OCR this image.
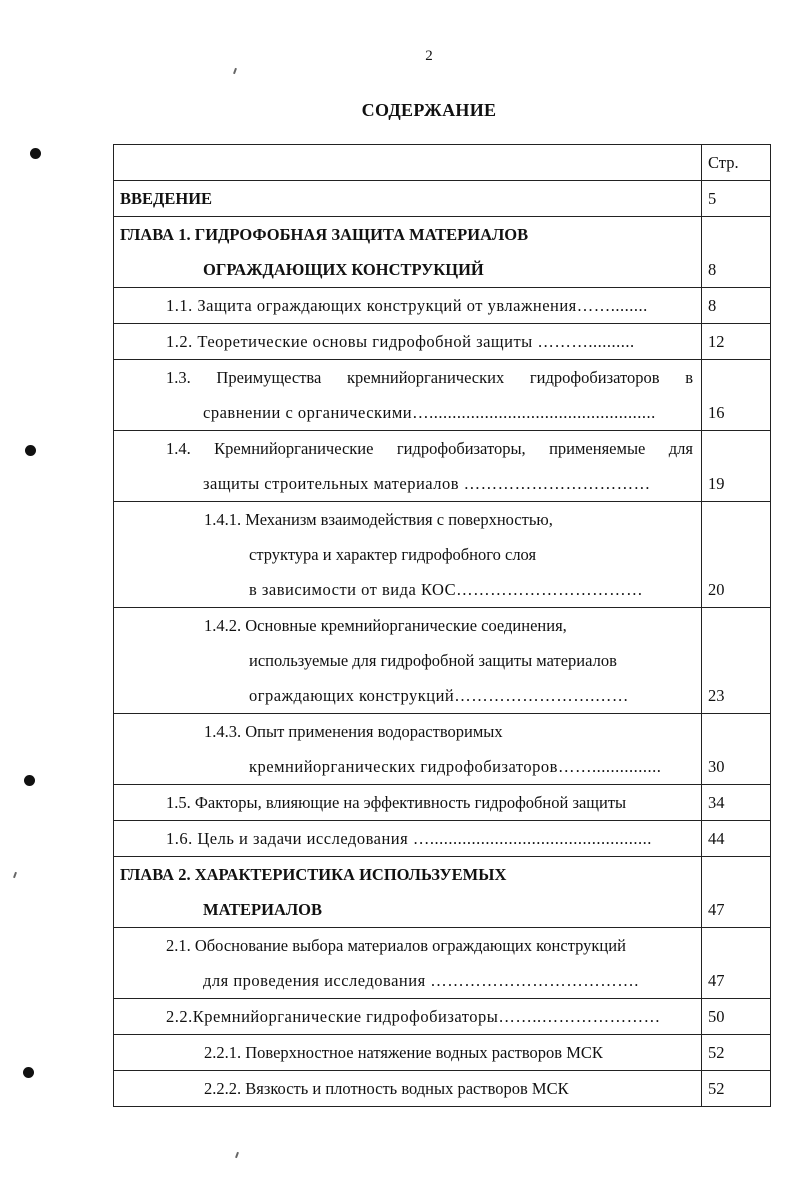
2
СОДЕРЖАНИЕ

	Стр.

ВВЕДЕНИЕ	5

ГЛАВА 1. ГИДРОФОБНАЯ ЗАЩИТА МАТЕРИАЛОВ
ОГРАЖДАЮЩИХ КОНСТРУКЦИЙ	8

1.1. Защита ограждающих конструкций от увлажнения……........	8

1.2. Теоретические основы гидрофобной защиты ………..........	12

1.3. Преимущества кремнийорганических гидрофобизаторов в
сравнении с органическими….................................................	16

1.4. Кремнийорганические гидрофобизаторы, применяемые для
защиты строительных материалов ……………………………	19

1.4.1. Механизм взаимодействия с поверхностью,
структура и характер гидрофобного слоя
в зависимости от вида КОС……………………………	20

1.4.2. Основные кремнийорганические соединения,
используемые для гидрофобной защиты материалов
ограждающих конструкций…………………….……	23

1.4.3. Опыт применения водорастворимых
кремнийорганических гидрофобизаторов……...............	30

1.5. Факторы, влияющие на эффективность гидрофобной защиты	34

1.6. Цель и задачи исследования …................................................	44

ГЛАВА 2. ХАРАКТЕРИСТИКА ИСПОЛЬЗУЕМЫХ
МАТЕРИАЛОВ	47

2.1. Обоснование выбора материалов ограждающих конструкций
для проведения исследования ……………………………….	47

2.2.Кремнийорганические гидрофобизаторы……..…………………	50

2.2.1. Поверхностное натяжение водных растворов МСК	52

2.2.2. Вязкость и плотность водных растворов МСК	52
